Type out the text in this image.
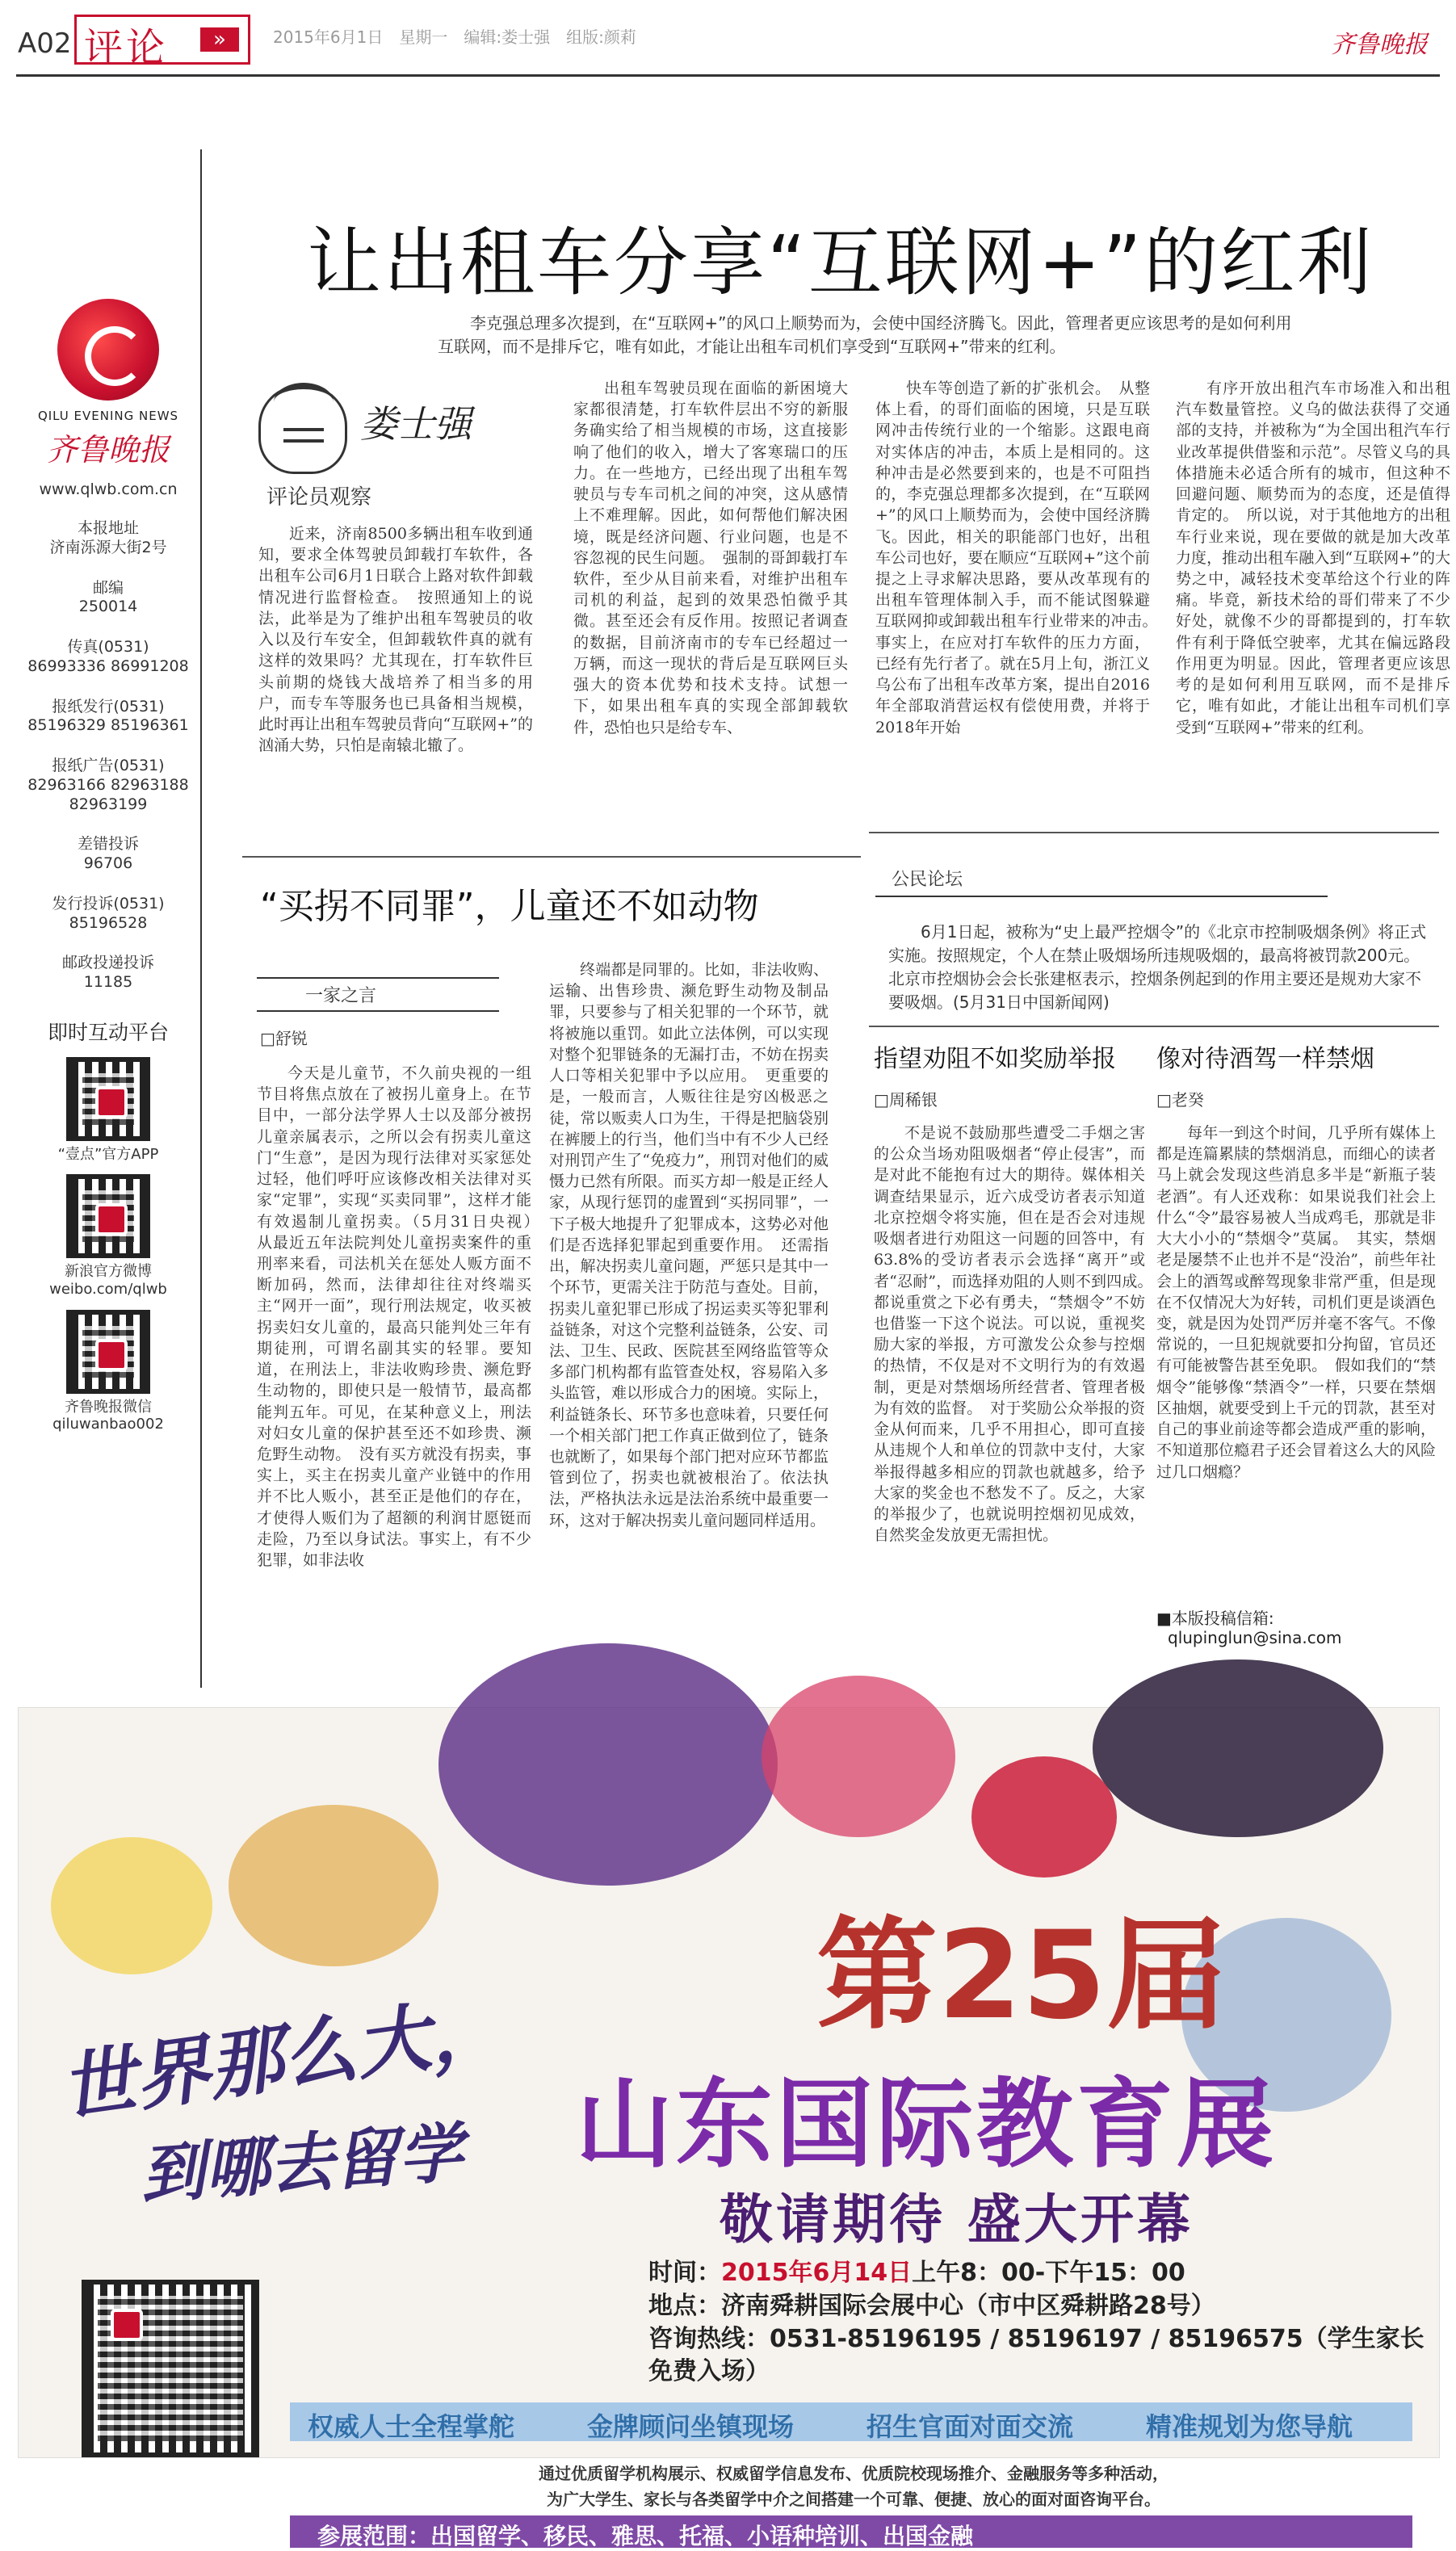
A02 评论	»	2015年6月1日　星期一　编辑:娄士强　组版:颜莉	齐鲁晚报
QILU EVENING NEWS
齐鲁晚报
www.qlwb.com.cn
本报地址
济南泺源大街2号
邮编
250014
传真(0531)
86993336 86991208
报纸发行(0531)
85196329 85196361
报纸广告(0531)
82963166 82963188
82963199
差错投诉
96706
发行投诉(0531)
85196528
邮政投递投诉
11185
即时互动平台
“壹点”官方APP
新浪官方微博
weibo.com/qlwb
齐鲁晚报微信
qiluwanbao002
让出租车分享“互联网+”的红利
李克强总理多次提到，在“互联网+”的风口上顺势而为，会使中国经济腾飞。因此，管理者更应该思考的是如何利用互联网，而不是排斥它，唯有如此，才能让出租车司机们享受到“互联网+”带来的红利。
娄士强
评论员观察

近来，济南8500多辆出租车收到通知，要求全体驾驶员卸载打车软件，各出租车公司6月1日联合上路对软件卸载情况进行监督检查。　按照通知上的说法，此举是为了维护出租车驾驶员的收入以及行车安全，但卸载软件真的就有这样的效果吗？尤其现在，打车软件巨头前期的烧钱大战培养了相当多的用户，而专车等服务也已具备相当规模，此时再让出租车驾驶员背向“互联网+”的汹涌大势，只怕是南辕北辙了。

出租车驾驶员现在面临的新困境大家都很清楚，打车软件层出不穷的新服务确实给了相当规模的市场，这直接影响了他们的收入，增大了客寒瑞口的压力。在一些地方，已经出现了出租车驾驶员与专车司机之间的冲突，这从感情上不难理解。因此，如何帮他们解决困境，既是经济问题、行业问题，也是不容忽视的民生问题。　强制的哥卸载打车软件，至少从目前来看，对维护出租车司机的利益，起到的效果恐怕微乎其微。甚至还会有反作用。按照记者调查的数据，目前济南市的专车已经超过一万辆，而这一现状的背后是互联网巨头强大的资本优势和技术支持。试想一下，如果出租车真的实现全部卸载软件，恐怕也只是给专车、

快车等创造了新的扩张机会。　从整体上看，的哥们面临的困境，只是互联网冲击传统行业的一个缩影。这跟电商对实体店的冲击，本质上是相同的。这种冲击是必然要到来的，也是不可阻挡的，李克强总理都多次提到，在“互联网+”的风口上顺势而为，会使中国经济腾飞。因此，相关的职能部门也好，出租车公司也好，要在顺应“互联网+”这个前提之上寻求解决思路，要从改革现有的出租车管理体制入手，而不能试图躲避互联网抑或卸载出租车行业带来的冲击。　事实上，在应对打车软件的压力方面，已经有先行者了。就在5月上旬，浙江义乌公布了出租车改革方案，提出自2016年全部取消营运权有偿使用费，并将于2018年开始

有序开放出租汽车市场准入和出租汽车数量管控。义乌的做法获得了交通部的支持，并被称为“为全国出租汽车行业改革提供借鉴和示范”。尽管义乌的具体措施未必适合所有的城市，但这种不回避问题、顺势而为的态度，还是值得肯定的。　所以说，对于其他地方的出租车行业来说，现在要做的就是加大改革力度，推动出租车融入到“互联网+”的大势之中，减轻技术变革给这个行业的阵痛。毕竟，新技术给的哥们带来了不少好处，就像不少的哥都提到的，打车软件有利于降低空驶率，尤其在偏远路段作用更为明显。因此，管理者更应该思考的是如何利用互联网，而不是排斥它，唯有如此，才能让出租车司机们享受到“互联网+”带来的红利。

“买拐不同罪”，儿童还不如动物
一家之言
□舒锐

今天是儿童节，不久前央视的一组节目将焦点放在了被拐儿童身上。在节目中，一部分法学界人士以及部分被拐儿童亲属表示，之所以会有拐卖儿童这门“生意”，是因为现行法律对买家惩处过轻，他们呼吁应该修改相关法律对买家“定罪”，实现“买卖同罪”，这样才能有效遏制儿童拐卖。（5月31日央视）　从最近五年法院判处儿童拐卖案件的重刑率来看，司法机关在惩处人贩方面不断加码，然而，法律却往往对终端买主“网开一面”，现行刑法规定，收买被拐卖妇女儿童的，最高只能判处三年有期徒刑，可谓名副其实的轻罪。要知道，在刑法上，非法收购珍贵、濒危野生动物的，即使只是一般情节，最高都能判五年。可见，在某种意义上，刑法对妇女儿童的保护甚至还不如珍贵、濒危野生动物。　没有买方就没有拐卖，事实上，买主在拐卖儿童产业链中的作用并不比人贩小，甚至正是他们的存在，才使得人贩们为了超额的利润甘愿铤而走险，乃至以身试法。事实上，有不少犯罪，如非法收

终端都是同罪的。比如，非法收购、运输、出售珍贵、濒危野生动物及制品罪，只要参与了相关犯罪的一个环节，就将被施以重罚。如此立法体例，可以实现对整个犯罪链条的无漏打击，不妨在拐卖人口等相关犯罪中予以应用。　更重要的是，一般而言，人贩往往是穷凶极恶之徒，常以贩卖人口为生，干得是把脑袋别在裤腰上的行当，他们当中有不少人已经对刑罚产生了“免疫力”，刑罚对他们的威慑力已然有所限。而买方却一般是正经人家，从现行惩罚的虚置到“买拐同罪”，一下子极大地提升了犯罪成本，这势必对他们是否选择犯罪起到重要作用。　还需指出，解决拐卖儿童问题，严惩只是其中一个环节，更需关注于防范与查处。目前，拐卖儿童犯罪已形成了拐运卖买等犯罪利益链条，对这个完整利益链条，公安、司法、卫生、民政、医院甚至网络监管等众多部门机构都有监管查处权，容易陷入多头监管，难以形成合力的困境。实际上，利益链条长、环节多也意味着，只要任何一个相关部门把工作真正做到位了，链条也就断了，如果每个部门把对应环节都监管到位了，拐卖也就被根治了。依法执法，严格执法永远是法治系统中最重要一环，这对于解决拐卖儿童问题同样适用。

公民论坛
6月1日起，被称为“史上最严控烟令”的《北京市控制吸烟条例》将正式实施。按照规定，个人在禁止吸烟场所违规吸烟的，最高将被罚款200元。北京市控烟协会会长张建枢表示，控烟条例起到的作用主要还是规劝大家不要吸烟。(5月31日中国新闻网)
指望劝阻不如奖励举报
□周稀银

不是说不鼓励那些遭受二手烟之害的公众当场劝阻吸烟者“停止侵害”，而是对此不能抱有过大的期待。媒体相关调查结果显示，近六成受访者表示知道北京控烟令将实施，但在是否会对违规吸烟者进行劝阻这一问题的回答中，有63.8%的受访者表示会选择“离开”或者“忍耐”，而选择劝阻的人则不到四成。　都说重赏之下必有勇夫，“禁烟令”不妨也借鉴一下这个说法。可以说，重视奖励大家的举报，方可激发公众参与控烟的热情，不仅是对不文明行为的有效遏制，更是对禁烟场所经营者、管理者极为有效的监督。　对于奖励公众举报的资金从何而来，几乎不用担心，即可直接从违规个人和单位的罚款中支付，大家举报得越多相应的罚款也就越多，给予大家的奖金也不愁发不了。反之，大家的举报少了，也就说明控烟初见成效，自然奖金发放更无需担忧。

像对待酒驾一样禁烟
□老癸

每年一到这个时间，几乎所有媒体上都是连篇累牍的禁烟消息，而细心的读者马上就会发现这些消息多半是“新瓶子装老酒”。有人还戏称：如果说我们社会上什么“令”最容易被人当成鸡毛，那就是非大大小小的“禁烟令”莫属。　其实，禁烟老是屡禁不止也并不是“没治”，前些年社会上的酒驾或醉驾现象非常严重，但是现在不仅情况大为好转，司机们更是谈酒色变，就是因为处罚严厉并毫不客气。不像常说的，一旦犯规就要扣分拘留，官员还有可能被警告甚至免职。　假如我们的“禁烟令”能够像“禁酒令”一样，只要在禁烟区抽烟，就要受到上千元的罚款，甚至对自己的事业前途等都会造成严重的影响，不知道那位瘾君子还会冒着这么大的风险过几口烟瘾？

■本版投稿信箱:
qlupinglun@sina.com
世界那么大，
到哪去留学
第25届
山东国际教育展
敬请期待 盛大开幕
时间：2015年6月14日上午8：00-下午15：00
地点：济南舜耕国际会展中心（市中区舜耕路28号）
咨询热线：0531-85196195 / 85196197 / 85196575（学生家长免费入场）
权威人士全程掌舵	金牌顾问坐镇现场	招生官面对面交流	精准规划为您导航
通过优质留学机构展示、权威留学信息发布、优质院校现场推介、金融服务等多种活动，
为广大学生、家长与各类留学中介之间搭建一个可靠、便捷、放心的面对面咨询平台。
参展范围：出国留学、移民、雅思、托福、小语种培训、出国金融
